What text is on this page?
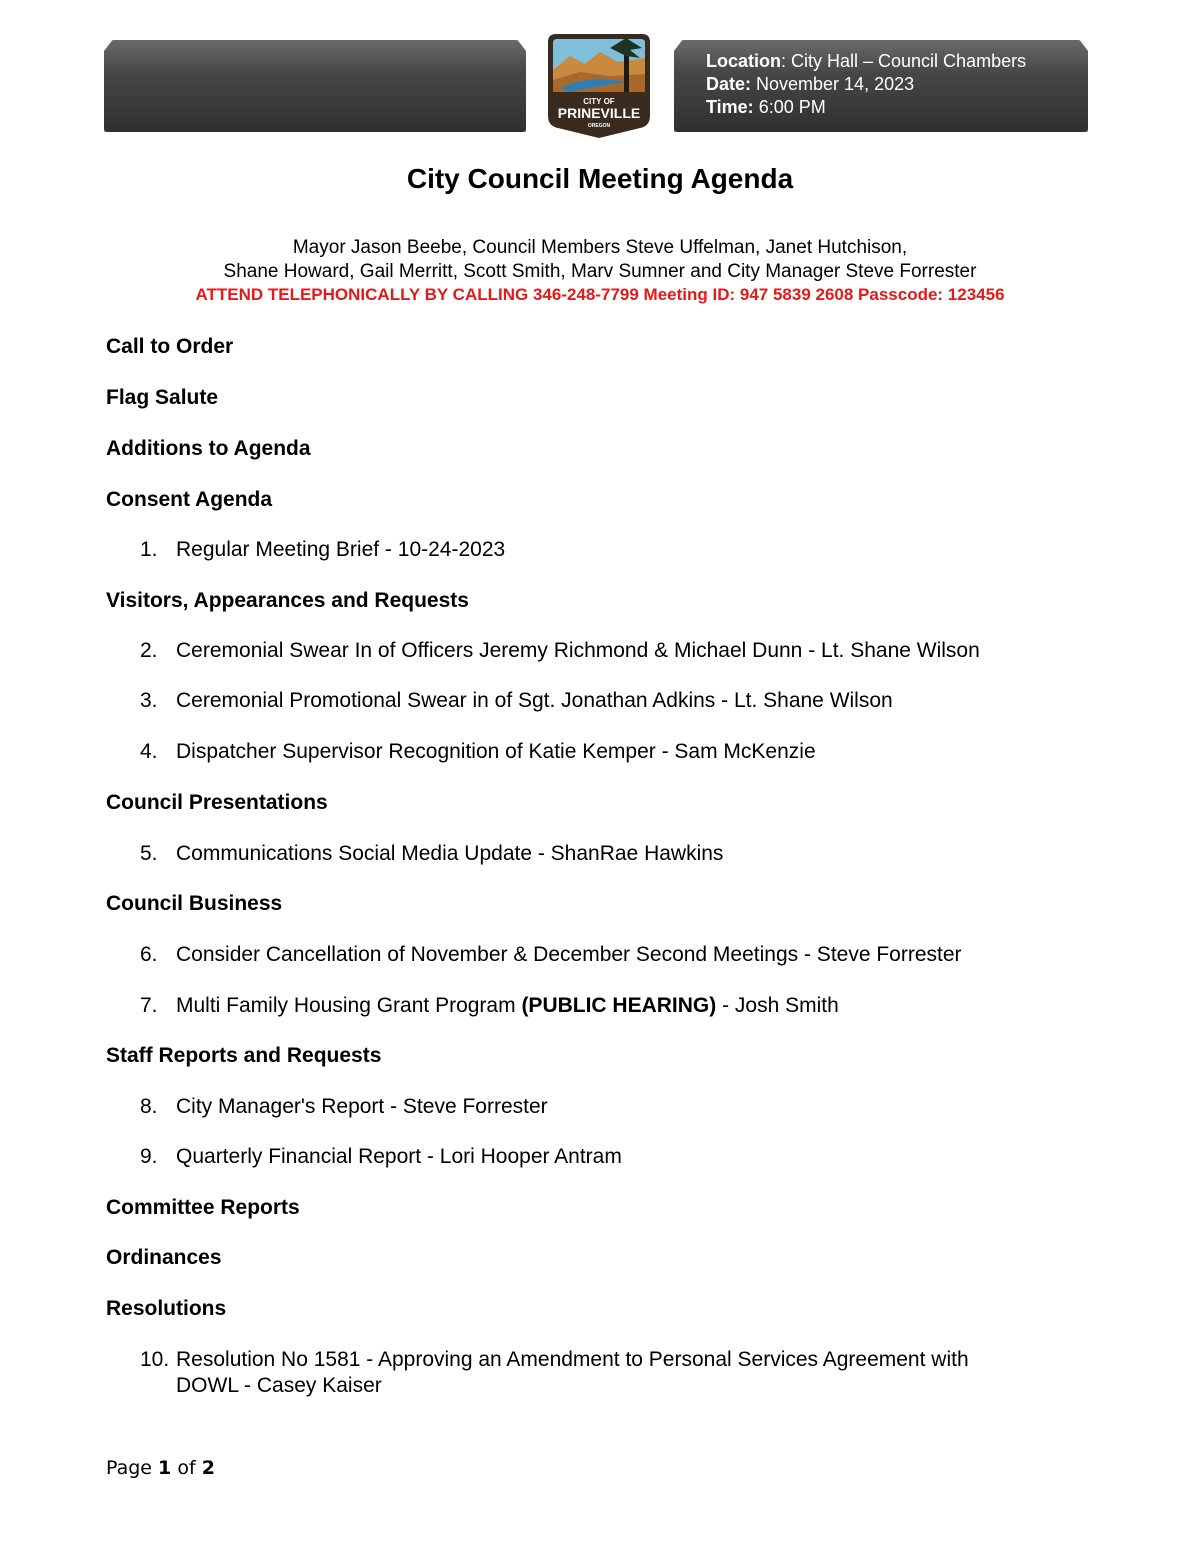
Location: City Hall – Council Chambers
Date: November 14, 2023
Time: 6:00 PM
CITY OF
PRINEVILLE
OREGON
City Council Meeting Agenda
Mayor Jason Beebe, Council Members Steve Uffelman, Janet Hutchison,
Shane Howard, Gail Merritt, Scott Smith, Marv Sumner and City Manager Steve Forrester
ATTEND TELEPHONICALLY BY CALLING 346-248-7799 Meeting ID: 947 5839 2608 Passcode: 123456
Call to Order
Flag Salute
Additions to Agenda
Consent Agenda
1. Regular Meeting Brief - 10-24-2023
Visitors, Appearances and Requests
2. Ceremonial Swear In of Officers Jeremy Richmond & Michael Dunn - Lt. Shane Wilson
3. Ceremonial Promotional Swear in of Sgt. Jonathan Adkins - Lt. Shane Wilson
4. Dispatcher Supervisor Recognition of Katie Kemper - Sam McKenzie
Council Presentations
5. Communications Social Media Update - ShanRae Hawkins
Council Business
6. Consider Cancellation of November & December Second Meetings - Steve Forrester
7. Multi Family Housing Grant Program (PUBLIC HEARING) - Josh Smith
Staff Reports and Requests
8. City Manager's Report - Steve Forrester
9. Quarterly Financial Report - Lori Hooper Antram
Committee Reports
Ordinances
Resolutions
10. Resolution No 1581 - Approving an Amendment to Personal Services Agreement with
DOWL - Casey Kaiser
Page 1 of 2
